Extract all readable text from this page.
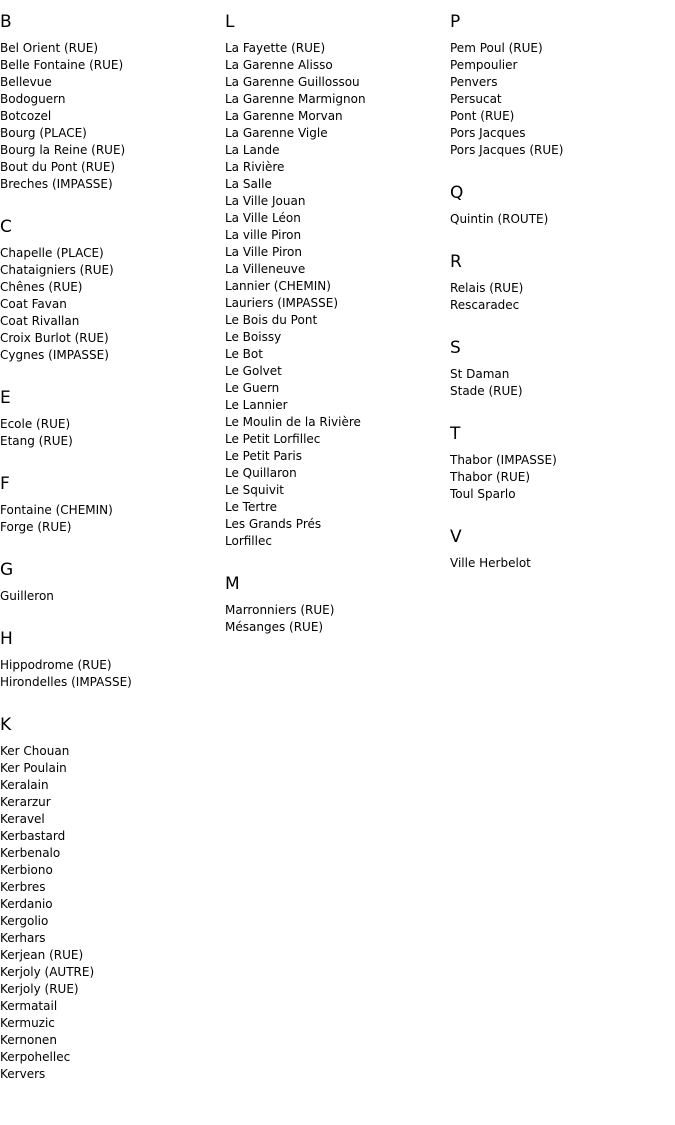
B
Bel Orient (RUE)
Belle Fontaine (RUE)
Bellevue
Bodoguern
Botcozel
Bourg (PLACE)
Bourg la Reine (RUE)
Bout du Pont (RUE)
Breches (IMPASSE)
C
Chapelle (PLACE)
Chataigniers (RUE)
Chênes (RUE)
Coat Favan
Coat Rivallan
Croix Burlot (RUE)
Cygnes (IMPASSE)
E
Ecole (RUE)
Etang (RUE)
F
Fontaine (CHEMIN)
Forge (RUE)
G
Guilleron
H
Hippodrome (RUE)
Hirondelles (IMPASSE)
K
Ker Chouan
Ker Poulain
Keralain
Kerarzur
Keravel
Kerbastard
Kerbenalo
Kerbiono
Kerbres
Kerdanio
Kergolio
Kerhars
Kerjean (RUE)
Kerjoly (AUTRE)
Kerjoly (RUE)
Kermatail
Kermuzic
Kernonen
Kerpohellec
Kervers
L
La Fayette (RUE)
La Garenne Alisso
La Garenne Guillossou
La Garenne Marmignon
La Garenne Morvan
La Garenne Vigle
La Lande
La Rivière
La Salle
La Ville Jouan
La Ville Léon
La ville Piron
La Ville Piron
La Villeneuve
Lannier (CHEMIN)
Lauriers (IMPASSE)
Le Bois du Pont
Le Boissy
Le Bot
Le Golvet
Le Guern
Le Lannier
Le Moulin de la Rivière
Le Petit Lorfillec
Le Petit Paris
Le Quillaron
Le Squivit
Le Tertre
Les Grands Prés
Lorfillec
M
Marronniers (RUE)
Mésanges (RUE)
P
Pem Poul (RUE)
Pempoulier
Penvers
Persucat
Pont (RUE)
Pors Jacques
Pors Jacques (RUE)
Q
Quintin (ROUTE)
R
Relais (RUE)
Rescaradec
S
St Daman
Stade (RUE)
T
Thabor (IMPASSE)
Thabor (RUE)
Toul Sparlo
V
Ville Herbelot
